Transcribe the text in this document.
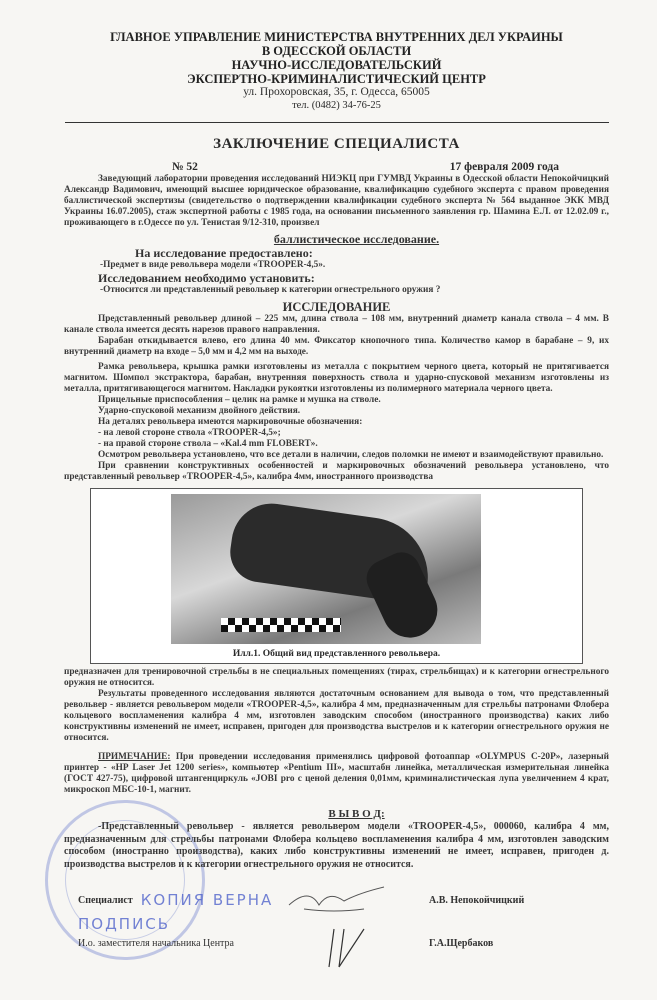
ГЛАВНОЕ УПРАВЛЕНИЕ МИНИСТЕРСТВА ВНУТРЕННИХ ДЕЛ УКРАИНЫ
В ОДЕССКОЙ ОБЛАСТИ
НАУЧНО-ИССЛЕДОВАТЕЛЬСКИЙ
ЭКСПЕРТНО-КРИМИНАЛИСТИЧЕСКИЙ ЦЕНТР
ул. Прохоровская, 35, г. Одесса, 65005
тел. (0482) 34-76-25
ЗАКЛЮЧЕНИЕ СПЕЦИАЛИСТА
№ 52	17 февраля 2009 года
Заведующий лаборатории проведения исследований НИЭКЦ при ГУМВД Украины в Одесской области Непокойчицкий Александр Вадимович, имеющий высшее юридическое образование, квалификацию судебного эксперта с правом проведения баллистической экспертизы (свидетельство о подтверждении квалификации судебного эксперта № 564 выданное ЭКК МВД Украины 16.07.2005), стаж экспертной работы с 1985 года, на основании письменного заявления гр. Шамина Е.Л. от 12.02.09 г., проживающего в г.Одессе по ул. Тенистая 9/12-310, произвел
баллистическое исследование.
На исследование предоставлено:
-Предмет в виде револьвера модели «TROOPER-4,5».
Исследованием необходимо установить:
-Относится ли представленный револьвер к категории огнестрельного оружия ?
ИССЛЕДОВАНИЕ
Представленный револьвер длиной – 225 мм, длина ствола – 108 мм, внутренний диаметр канала ствола – 4 мм. В канале ствола имеется десять нарезов правого направления.
Барабан откидывается влево, его длина 40 мм. Фиксатор кнопочного типа. Количество камор в барабане – 9, их внутренний диаметр на входе – 5,0 мм и 4,2 мм на выходе.
Рамка револьвера, крышка рамки изготовлены из металла с покрытием черного цвета, который не притягивается магнитом. Шомпол экстрактора, барабан, внутренняя поверхность ствола и ударно-спусковой механизм изготовлены из металла, притягивающегося магнитом. Накладки рукоятки изготовлены из полимерного материала черного цвета.
Прицельные приспособления – целик на рамке и мушка на стволе.
Ударно-спусковой механизм двойного действия.
На деталях револьвера имеются маркировочные обозначения:
- на левой стороне ствола «TROOPER-4,5»;
- на правой стороне ствола – «Kal.4 mm FLOBERT».
Осмотром револьвера установлено, что все детали в наличии, следов поломки не имеют и взаимодействуют правильно.
При сравнении конструктивных особенностей и маркировочных обозначений револьвера установлено, что представленный револьвер «TROOPER-4,5», калибра 4мм, иностранного производства
Илл.1. Общий вид представленного револьвера.
предназначен для тренировочной стрельбы в не специальных помещениях (тирах, стрельбищах) и к категории огнестрельного оружия не относится.
Результаты проведенного исследования являются достаточным основанием для вывода о том, что представленный револьвер - является револьвером модели «TROOPER-4,5», калибра 4 мм, предназначенным для стрельбы патронами Флобера кольцевого воспламенения калибра 4 мм, изготовлен заводским способом (иностранного производства) каких либо конструктивны изменений не имеет, исправен, пригоден для производства выстрелов и к категории огнестрельного оружия не относится.
ПРИМЕЧАНИЕ: При проведении исследования применялись цифровой фотоаппар «OLYMPUS C-20P», лазерный принтер - «HP Laser Jet 1200 series», компьютер «Pentium III», масштабн линейка, металлическая измерительная линейка (ГОСТ 427-75), цифровой штангенциркуль «JOBI pro с ценой деления 0,01мм, криминалистическая лупа увеличением 4 крат, микроскоп МБС-10-1, магнит.
В Ы В О Д:
-Представленный револьвер - является револьвером модели «TROOPER-4,5», 000060, калибра 4 мм, предназначенным для стрельбы патронами Флобера кольцево воспламенения калибра 4 мм, изготовлен заводским способом (иностранно производства), каких либо конструктивны изменений не имеет, исправен, пригоден д. производства выстрелов и к категории огнестрельного оружия не относится.
Специалист КОПИЯ ВЕРНА	А.В. Непокойчицкий
ПОДПИСЬ
И.о. заместителя начальника Центра	Г.А.Щербаков
